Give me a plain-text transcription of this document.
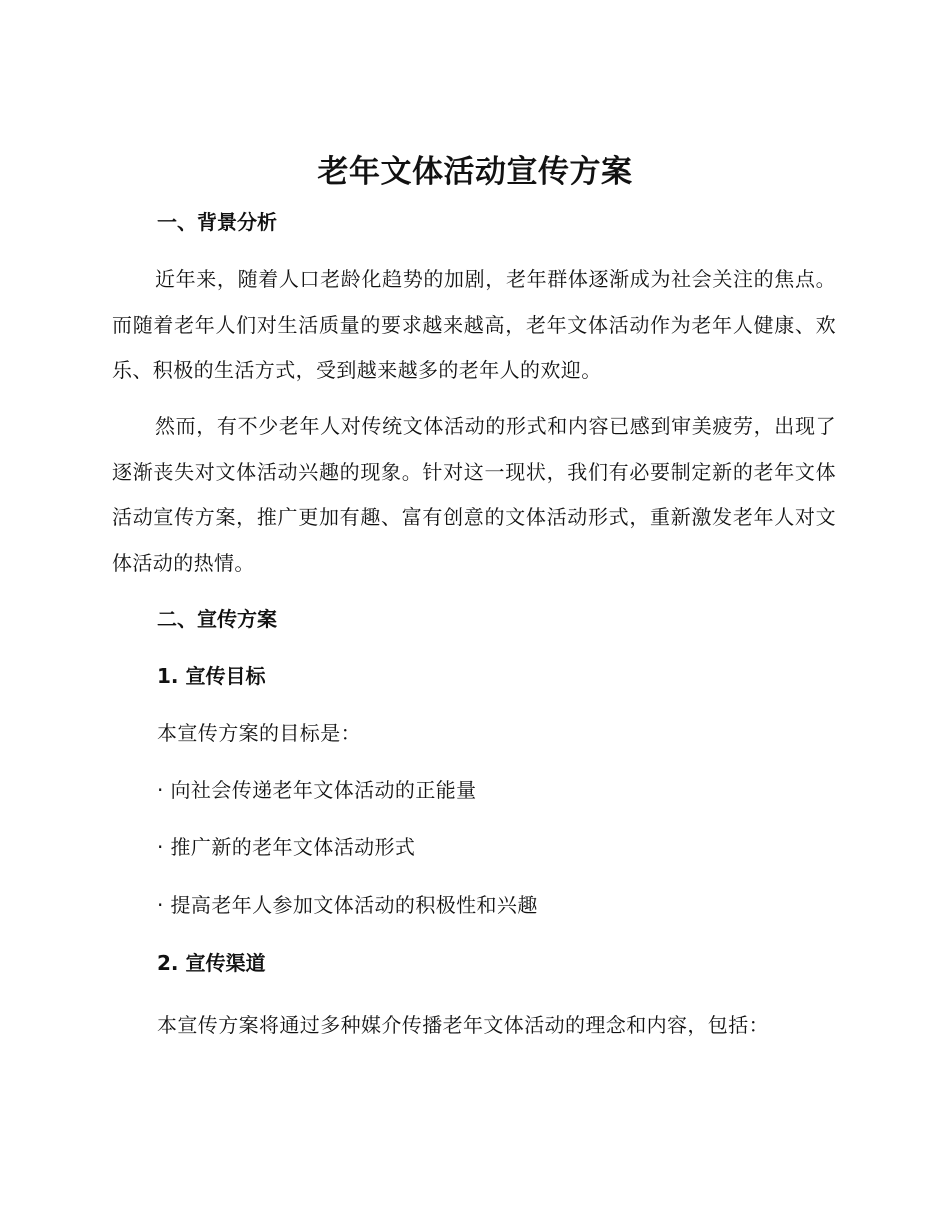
老年文体活动宣传方案
一、背景分析
近年来，随着人口老龄化趋势的加剧，老年群体逐渐成为社会关注的焦点。而随着老年人们对生活质量的要求越来越高，老年文体活动作为老年人健康、欢乐、积极的生活方式，受到越来越多的老年人的欢迎。
然而，有不少老年人对传统文体活动的形式和内容已感到审美疲劳，出现了逐渐丧失对文体活动兴趣的现象。针对这一现状，我们有必要制定新的老年文体活动宣传方案，推广更加有趣、富有创意的文体活动形式，重新激发老年人对文体活动的热情。
二、宣传方案
1. 宣传目标
本宣传方案的目标是：
· 向社会传递老年文体活动的正能量
· 推广新的老年文体活动形式
· 提高老年人参加文体活动的积极性和兴趣
2. 宣传渠道
本宣传方案将通过多种媒介传播老年文体活动的理念和内容，包括：
